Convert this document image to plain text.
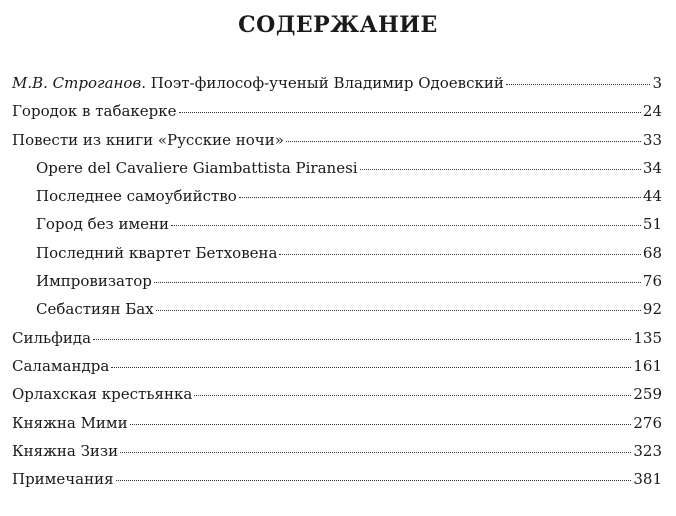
СОДЕРЖАНИЕ
М.В. Строганов. Поэт-философ-ученый Владимир Одоевский	3
Городок в табакерке	24
Повести из книги «Русские ночи»	33
Opere del Cavaliere Giambattista Piranesi	34
Последнее самоубийство	44
Город без имени	51
Последний квартет Бетховена	68
Импровизатор	76
Себастиян Бах	92
Сильфида	135
Саламандра	161
Орлахская крестьянка	259
Княжна Мими	276
Княжна Зизи	323
Примечания	381
